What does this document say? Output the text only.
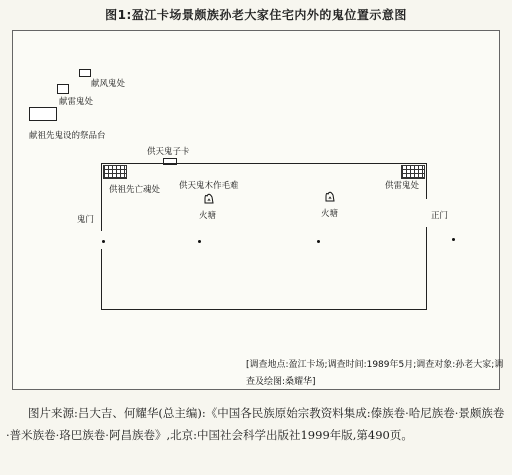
图1:盈江卡场景颇族孙老大家住宅内外的鬼位置示意图
献风鬼处
献雷鬼处
献祖先鬼设的祭品台
供天鬼子卡
供祖先亡魂处 供天鬼木作毛难	供雷鬼处
火塘	火塘
鬼门	正门
[调查地点:盈江卡场;调查时间:1989年5月;调查对象:孙老大家;调查及绘图:桑耀华]
图片来源:吕大吉、何耀华(总主编):《中国各民族原始宗教资料集成:傣族卷·哈尼族卷·景颇族卷·普米族卷·珞巴族卷·阿昌族卷》,北京:中国社会科学出版社1999年版,第490页。
